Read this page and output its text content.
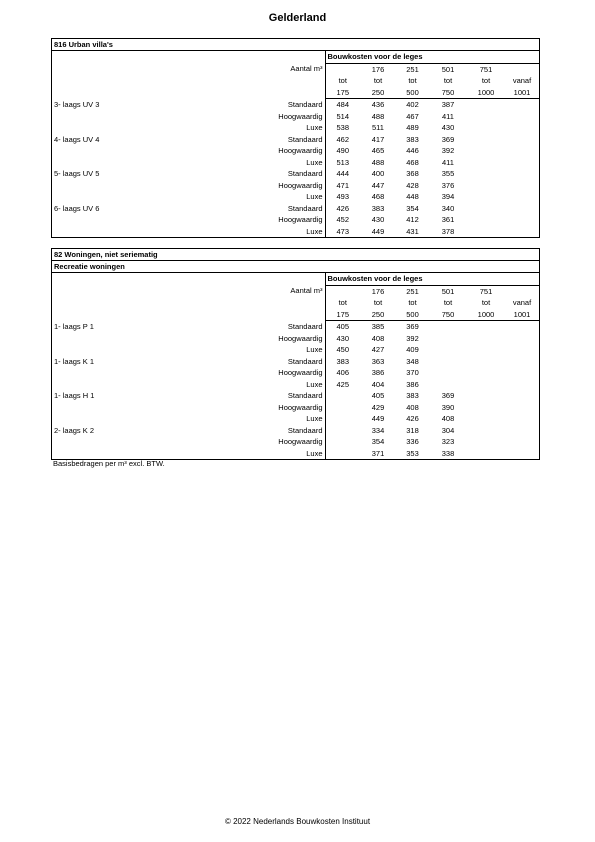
Gelderland
816 Urban villa's
		Bouwkosten voor de leges					
	Aantal m³		176	251	501	751	
		tot	tot	tot	tot	tot	vanaf
		175	250	500	750	1000	1001
3- laags UV 3	Standaard	484	436	402	387		
	Hoogwaardig	514	488	467	411		
	Luxe	538	511	489	430		
4- laags UV 4	Standaard	462	417	383	369		
	Hoogwaardig	490	465	446	392		
	Luxe	513	488	468	411		
5- laags UV 5	Standaard	444	400	368	355		
	Hoogwaardig	471	447	428	376		
	Luxe	493	468	448	394		
6- laags UV 6	Standaard	426	383	354	340		
	Hoogwaardig	452	430	412	361		
	Luxe	473	449	431	378		
82 Woningen, niet seriematig
Recreatie woningen
		Bouwkosten voor de leges					
	Aantal m³		176	251	501	751	
		tot	tot	tot	tot	tot	vanaf
		175	250	500	750	1000	1001
1- laags P 1	Standaard	405	385	369			
	Hoogwaardig	430	408	392			
	Luxe	450	427	409			
1- laags K 1	Standaard	383	363	348			
	Hoogwaardig	406	386	370			
	Luxe	425	404	386			
1- laags H 1	Standaard		405	383	369		
	Hoogwaardig		429	408	390		
	Luxe		449	426	408		
2- laags K 2	Standaard		334	318	304		
	Hoogwaardig		354	336	323		
	Luxe		371	353	338		
Basisbedragen per m³ excl. BTW.
© 2022 Nederlands Bouwkosten Instituut
